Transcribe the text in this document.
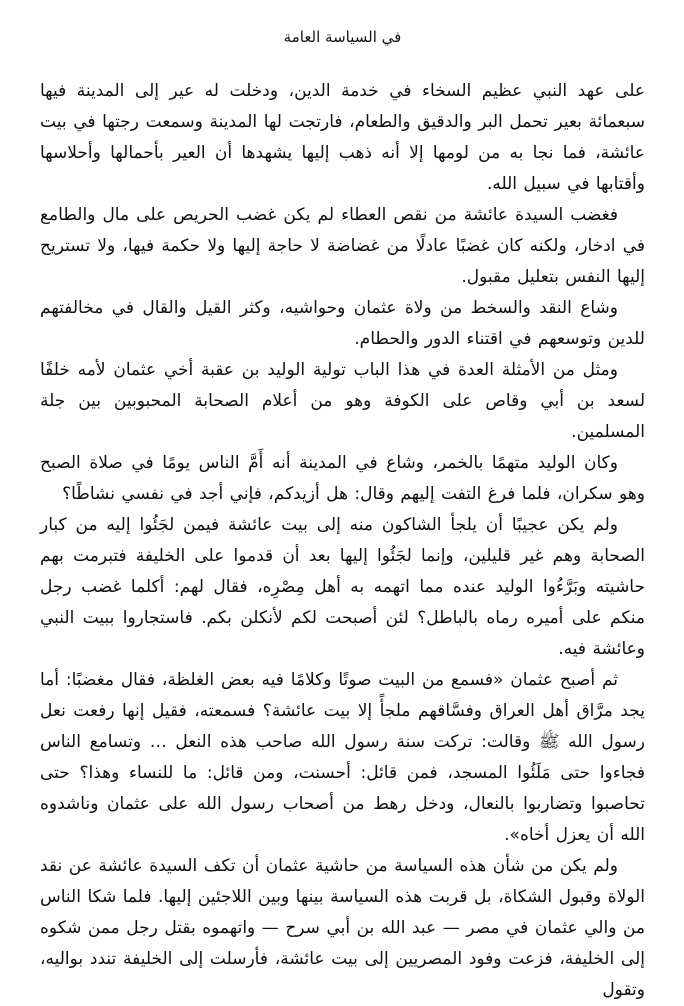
في السياسة العامة

على عهد النبي عظيم السخاء في خدمة الدين، ودخلت له عير إلى المدينة فيها سبعمائة بعير تحمل البر والدقيق والطعام، فارتجت لها المدينة وسمعت رجتها في بيت عائشة، فما نجا به من لومها إلا أنه ذهب إليها يشهدها أن العير بأحمالها وأحلاسها وأقتابها في سبيل الله.

فغضب السيدة عائشة من نقص العطاء لم يكن غضب الحريص على مال والطامع في ادخار، ولكنه كان غضبًا عادلًا من غضاضة لا حاجة إليها ولا حكمة فيها، ولا تستريح إليها النفس بتعليل مقبول.

وشاع النقد والسخط من ولاة عثمان وحواشيه، وكثر القيل والقال في مخالفتهم للدين وتوسعهم في اقتناء الدور والحطام.

ومثل من الأمثلة العدة في هذا الباب تولية الوليد بن عقبة أخي عثمان لأمه خلفًا لسعد بن أبي وقاص على الكوفة وهو من أعلام الصحابة المحبوبين بين جلة المسلمين.

وكان الوليد متهمًا بالخمر، وشاع في المدينة أنه أَمَّ الناس يومًا في صلاة الصبح وهو سكران، فلما فرغ التفت إليهم وقال: هل أزيدكم، فإني أجد في نفسي نشاطًا؟

ولم يكن عجيبًا أن يلجأ الشاكون منه إلى بيت عائشة فيمن لجَئُوا إليه من كبار الصحابة وهم غير قليلين، وإنما لجَئُوا إليها بعد أن قدموا على الخليفة فتبرمت بهم حاشيته وبَرَّءُوا الوليد عنده مما اتهمه به أهل مِصْرِه، فقال لهم: أكلما غضب رجل منكم على أميره رماه بالباطل؟ لئن أصبحت لكم لأنكلن بكم. فاستجاروا ببيت النبي وعائشة فيه.

ثم أصبح عثمان «فسمع من البيت صوتًا وكلامًا فيه بعض الغلظة، فقال مغضبًا: أما يجد مرَّاق أهل العراق وفسَّاقهم ملجأً إلا بيت عائشة؟ فسمعته، فقيل إنها رفعت نعل رسول الله ﷺ وقالت: تركت سنة رسول الله صاحب هذه النعل … وتسامع الناس فجاءوا حتى مَلَئُوا المسجد، فمن قائل: أحسنت، ومن قائل: ما للنساء وهذا؟ حتى تحاصبوا وتضاربوا بالنعال، ودخل رهط من أصحاب رسول الله على عثمان وناشدوه الله أن يعزل أخاه».

ولم يكن من شأن هذه السياسة من حاشية عثمان أن تكف السيدة عائشة عن نقد الولاة وقبول الشكاة، بل قربت هذه السياسة بينها وبين اللاجئين إليها. فلما شكا الناس من والي عثمان في مصر — عبد الله بن أبي سرح — واتهموه بقتل رجل ممن شكوه إلى الخليفة، فزعت وفود المصريين إلى بيت عائشة، فأرسلت إلى الخليفة تندد بواليه، وتقول
